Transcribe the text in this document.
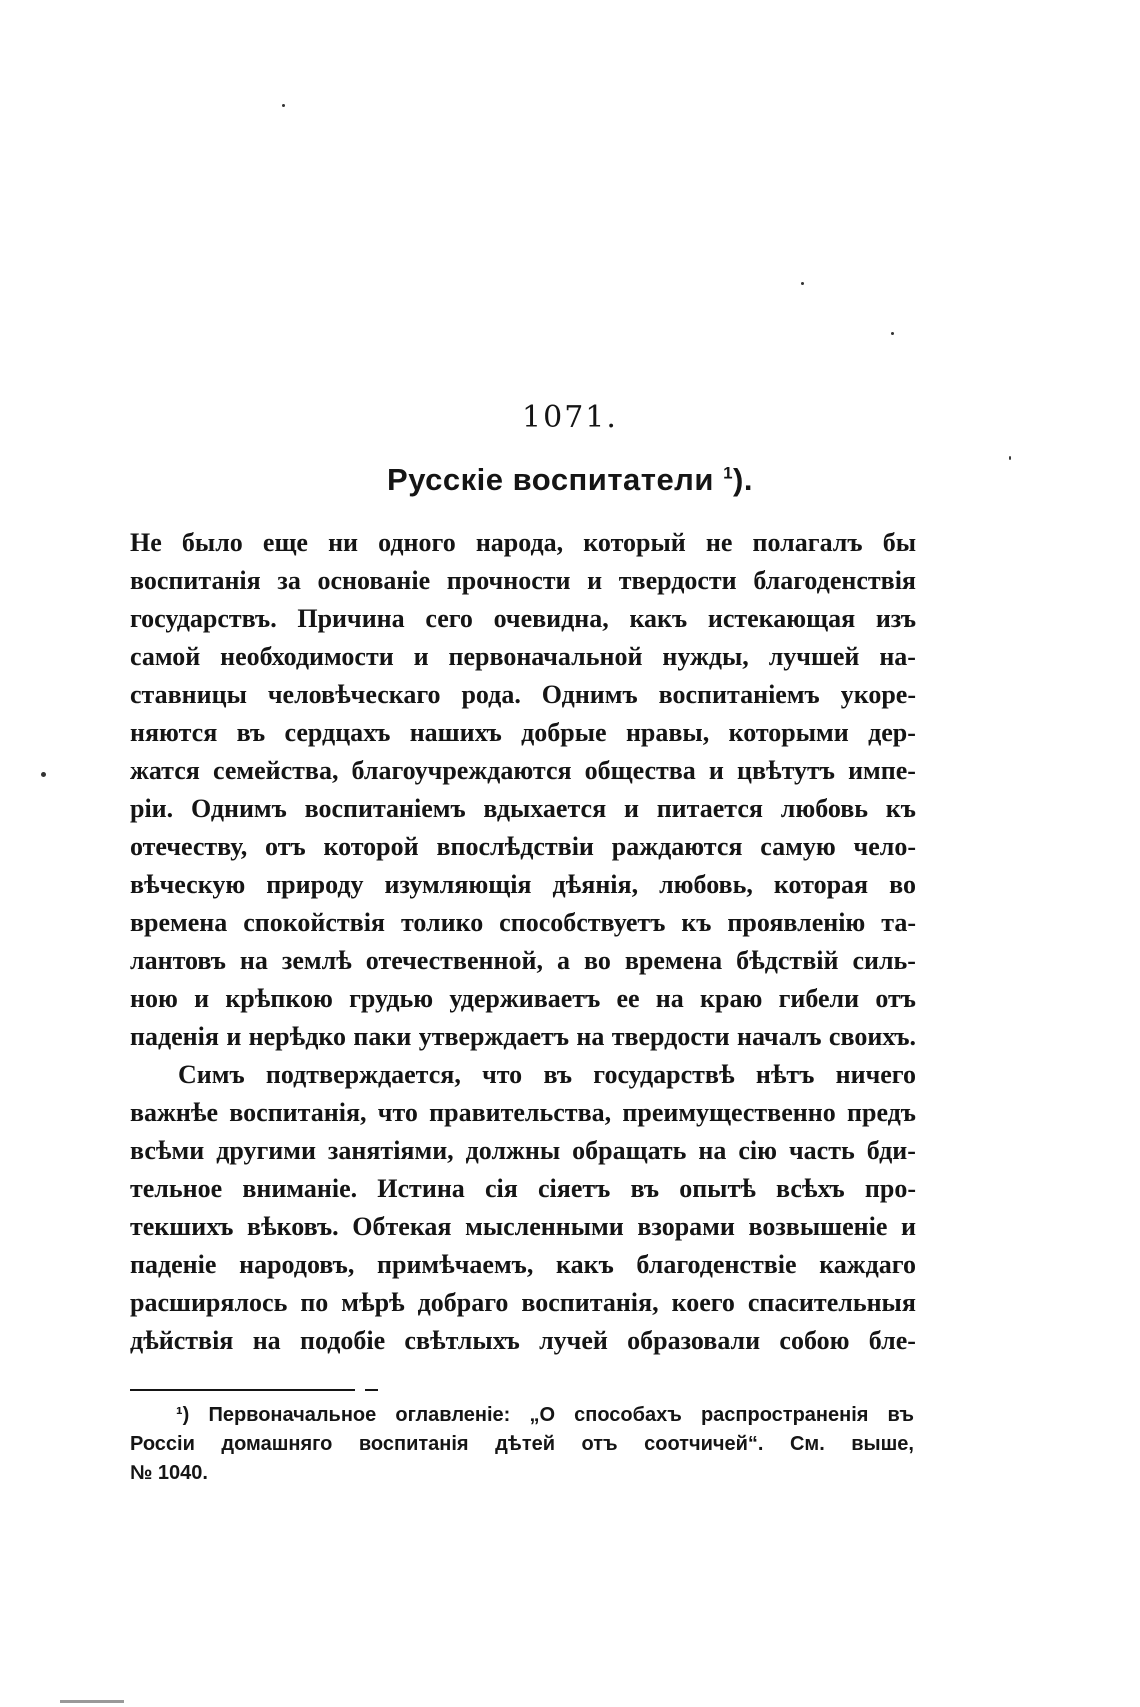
1071.
Русскiе воспитатели $^1$).
Не было еще ни одного народа, который не полагалъ бы
воспитанiя за основанiе прочности и твердости благоденствiя
государствъ. Причина сего очевидна, какъ истекающая изъ
самой необходимости и первоначальной нужды, лучшей на-
ставницы человѣческаго рода. Однимъ воспитанiемъ укоре-
няются въ сердцахъ нашихъ добрые нравы, которыми дер-
жатся семейства, благоучреждаются общества и цвѣтутъ импе-
рiи. Однимъ воспитанiемъ вдыхается и питается любовь къ
отечеству, отъ которой впослѣдствiи раждаются самую чело-
вѣческую природу изумляющiя дѣянiя, любовь, которая во
времена спокойствiя толико способствуетъ къ проявленiю та-
лантовъ на землѣ отечественной, а во времена бѣдствiй силь-
ною и крѣпкою грудью удерживаетъ ее на краю гибели отъ
паденiя и нерѣдко паки утверждаетъ на твердости началъ своихъ.
Симъ подтверждается, что въ государствѣ нѣтъ ничего
важнѣе воспитанiя, что правительства, преимущественно предъ
всѣми другими занятiями, должны обращать на сiю часть бди-
тельное вниманiе. Истина сiя сiяетъ въ опытѣ всѣхъ про-
текшихъ вѣковъ. Обтекая мысленными взорами возвышенiе и
паденiе народовъ, примѣчаемъ, какъ благоденствiе каждаго
расширялось по мѣрѣ добраго воспитанiя, коего спасительныя
дѣйствiя на подобiе свѣтлыхъ лучей образовали собою бле-
¹) Первоначальное оглавленiе: „О способахъ распространенiя въ
Россiи домашняго воспитанiя дѣтей отъ соотчичей“. См. выше,
№ 1040.
